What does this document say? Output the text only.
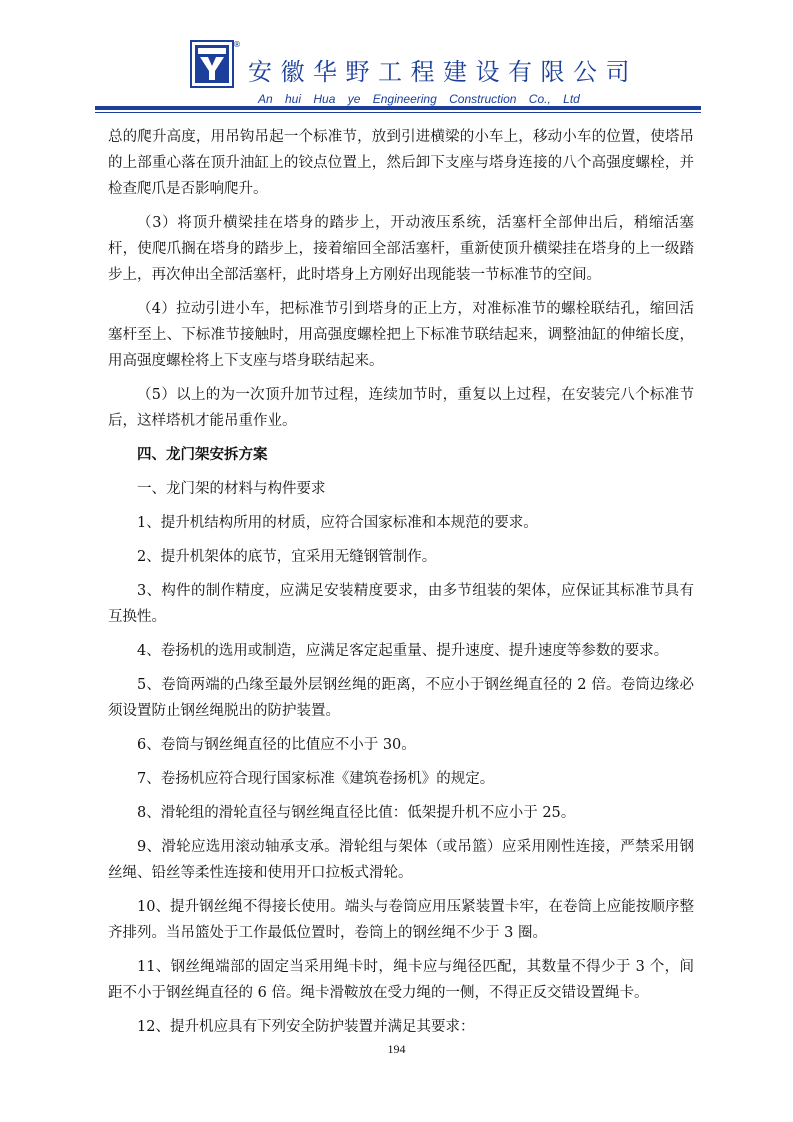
®
安徽华野工程建设有限公司
An hui Hua ye Engineering Construction Co., Ltd

总的爬升高度，用吊钩吊起一个标准节，放到引进横梁的小车上，移动小车的位置，使塔吊的上部重心落在顶升油缸上的铰点位置上，然后卸下支座与塔身连接的八个高强度螺栓，并检查爬爪是否影响爬升。

（3）将顶升横梁挂在塔身的踏步上，开动液压系统，活塞杆全部伸出后，稍缩活塞杆，使爬爪搁在塔身的踏步上，接着缩回全部活塞杆，重新使顶升横梁挂在塔身的上一级踏步上，再次伸出全部活塞杆，此时塔身上方刚好出现能装一节标准节的空间。

（4）拉动引进小车，把标准节引到塔身的正上方，对准标准节的螺栓联结孔，缩回活塞杆至上、下标准节接触时，用高强度螺栓把上下标准节联结起来，调整油缸的伸缩长度，用高强度螺栓将上下支座与塔身联结起来。

（5）以上的为一次顶升加节过程，连续加节时，重复以上过程，在安装完八个标准节后，这样塔机才能吊重作业。

四、龙门架安拆方案

一、龙门架的材料与构件要求

1、提升机结构所用的材质，应符合国家标准和本规范的要求。

2、提升机架体的底节，宜采用无缝钢管制作。

3、构件的制作精度，应满足安装精度要求，由多节组装的架体，应保证其标准节具有互换性。

4、卷扬机的选用或制造，应满足客定起重量、提升速度、提升速度等参数的要求。

5、卷筒两端的凸缘至最外层钢丝绳的距离，不应小于钢丝绳直径的 2 倍。卷筒边缘必须设置防止钢丝绳脱出的防护装置。

6、卷筒与钢丝绳直径的比值应不小于 30。

7、卷扬机应符合现行国家标准《建筑卷扬机》的规定。

8、滑轮组的滑轮直径与钢丝绳直径比值：低架提升机不应小于 25。

9、滑轮应选用滚动轴承支承。滑轮组与架体（或吊篮）应采用刚性连接，严禁采用钢丝绳、铅丝等柔性连接和使用开口拉板式滑轮。

10、提升钢丝绳不得接长使用。端头与卷筒应用压紧装置卡牢，在卷筒上应能按顺序整齐排列。当吊篮处于工作最低位置时，卷筒上的钢丝绳不少于 3 圈。

11、钢丝绳端部的固定当采用绳卡时，绳卡应与绳径匹配，其数量不得少于 3 个，间距不小于钢丝绳直径的 6 倍。绳卡滑鞍放在受力绳的一侧，不得正反交错设置绳卡。

12、提升机应具有下列安全防护装置并满足其要求：

194
